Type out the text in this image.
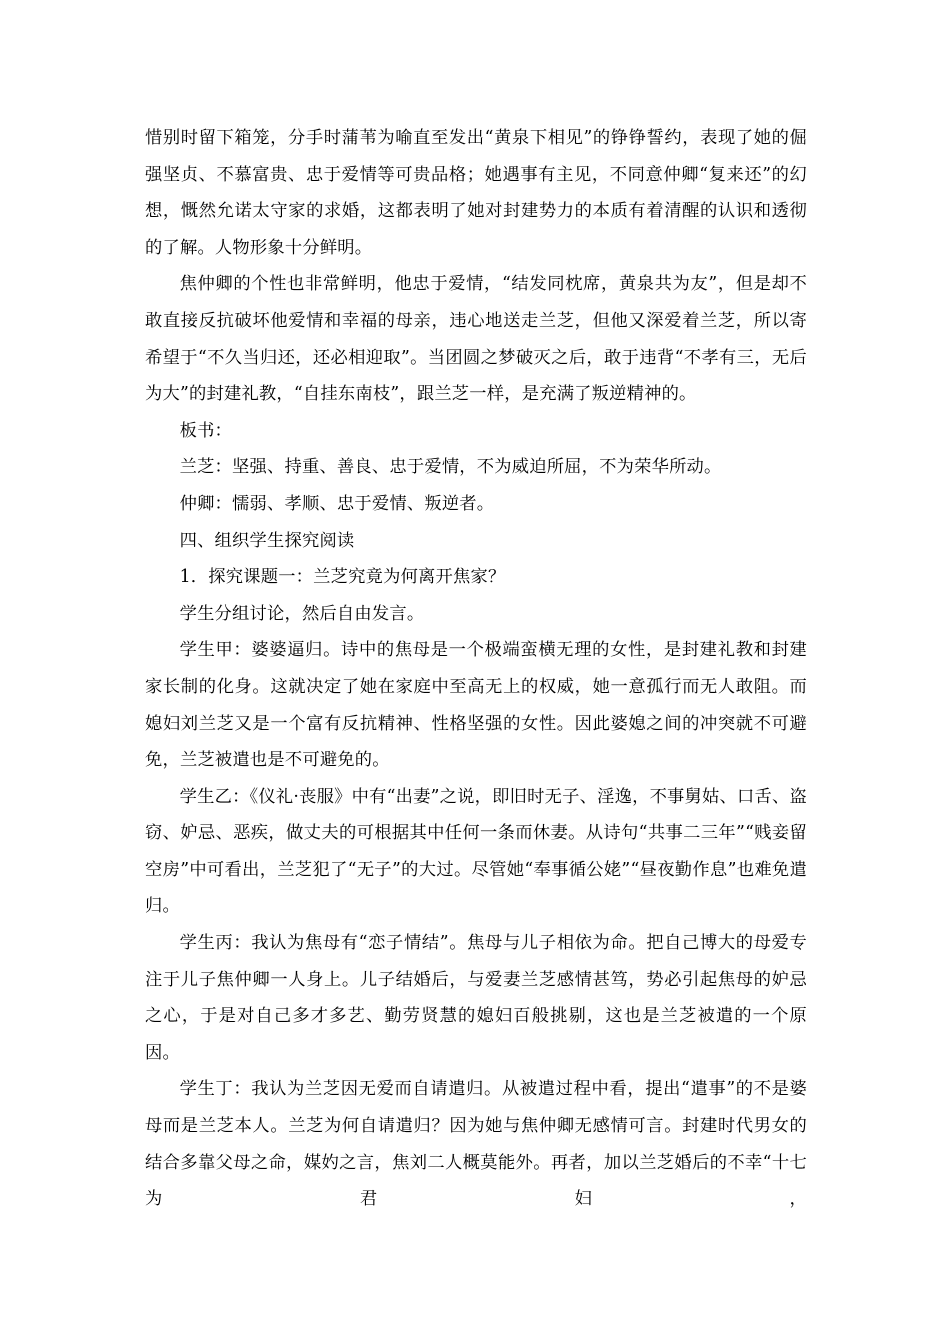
惜别时留下箱笼，分手时蒲苇为喻直至发出“黄泉下相见”的铮铮誓约，表现了她的倔强坚贞、不慕富贵、忠于爱情等可贵品格；她遇事有主见，不同意仲卿“复来还”的幻想，慨然允诺太守家的求婚，这都表明了她对封建势力的本质有着清醒的认识和透彻的了解。人物形象十分鲜明。

焦仲卿的个性也非常鲜明，他忠于爱情，“结发同枕席，黄泉共为友”，但是却不敢直接反抗破坏他爱情和幸福的母亲，违心地送走兰芝，但他又深爱着兰芝，所以寄希望于“不久当归还，还必相迎取”。当团圆之梦破灭之后，敢于违背“不孝有三，无后为大”的封建礼教，“自挂东南枝”，跟兰芝一样，是充满了叛逆精神的。

板书：

兰芝：坚强、持重、善良、忠于爱情，不为威迫所屈，不为荣华所动。

仲卿：懦弱、孝顺、忠于爱情、叛逆者。

四、组织学生探究阅读

1．探究课题一：兰芝究竟为何离开焦家？

学生分组讨论，然后自由发言。

学生甲：婆婆逼归。诗中的焦母是一个极端蛮横无理的女性，是封建礼教和封建家长制的化身。这就决定了她在家庭中至高无上的权威，她一意孤行而无人敢阻。而媳妇刘兰芝又是一个富有反抗精神、性格坚强的女性。因此婆媳之间的冲突就不可避免，兰芝被遣也是不可避免的。

学生乙：《仪礼·丧服》中有“出妻”之说，即旧时无子、淫逸，不事舅姑、口舌、盗窃、妒忌、恶疾，做丈夫的可根据其中任何一条而休妻。从诗句“共事二三年”“贱妾留空房”中可看出，兰芝犯了“无子”的大过。尽管她“奉事循公姥”“昼夜勤作息”也难免遣归。

学生丙：我认为焦母有“恋子情结”。焦母与儿子相依为命。把自己博大的母爱专注于儿子焦仲卿一人身上。儿子结婚后，与爱妻兰芝感情甚笃，势必引起焦母的妒忌之心，于是对自己多才多艺、勤劳贤慧的媳妇百般挑剔，这也是兰芝被遣的一个原因。

学生丁：我认为兰芝因无爱而自请遣归。从被遣过程中看，提出“遣事”的不是婆母而是兰芝本人。兰芝为何自请遣归？因为她与焦仲卿无感情可言。封建时代男女的结合多靠父母之命，媒妁之言，焦刘二人概莫能外。再者，加以兰芝婚后的不幸“十七为君妇，
